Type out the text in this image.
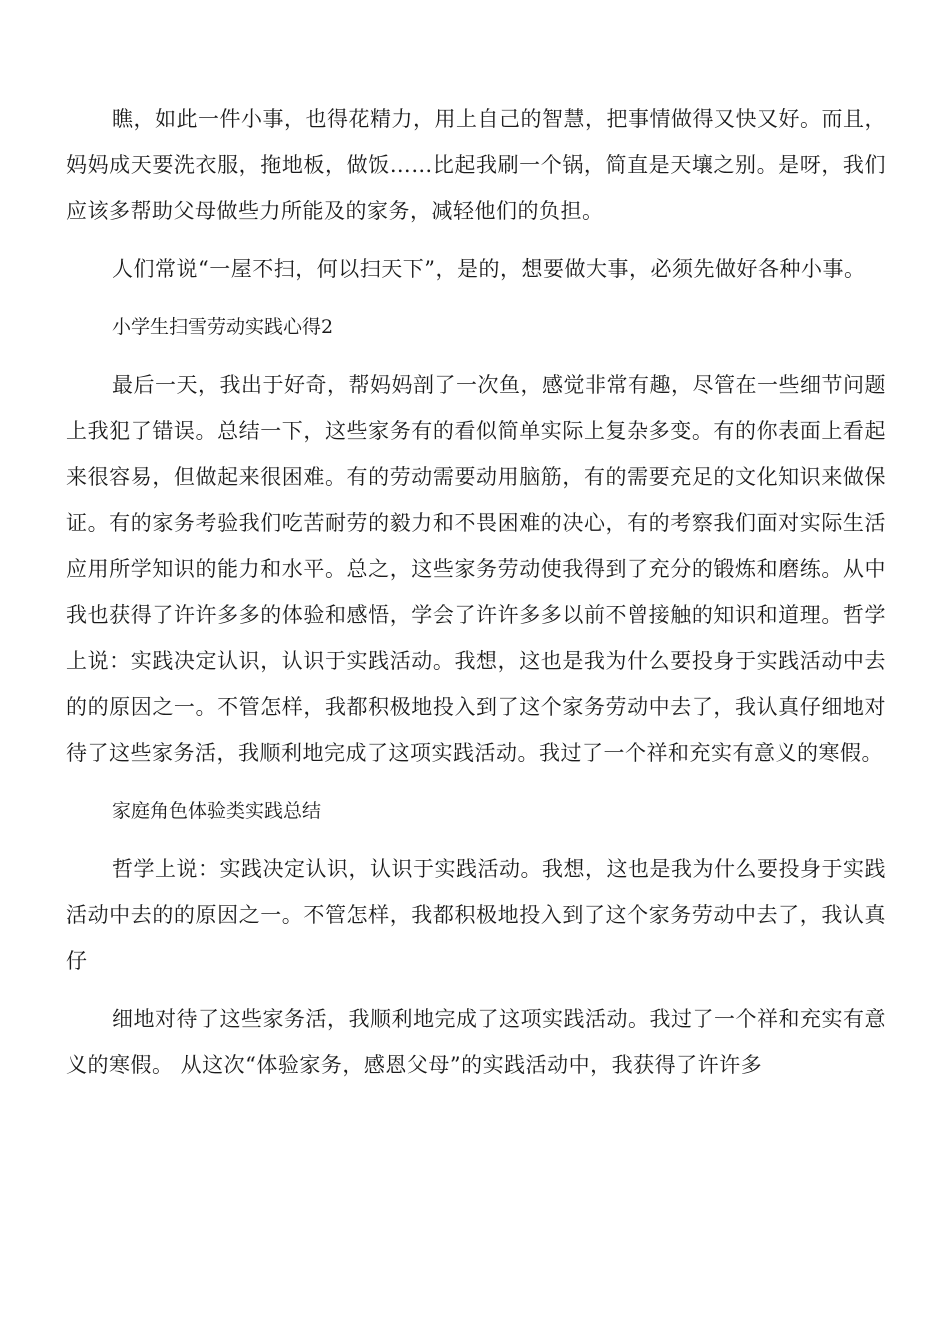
瞧，如此一件小事，也得花精力，用上自己的智慧，把事情做得又快又好。而且，妈妈成天要洗衣服，拖地板，做饭……比起我刷一个锅，简直是天壤之别。是呀，我们应该多帮助父母做些力所能及的家务，减轻他们的负担。

人们常说“一屋不扫，何以扫天下”，是的，想要做大事，必须先做好各种小事。

小学生扫雪劳动实践心得2

最后一天，我出于好奇，帮妈妈剖了一次鱼，感觉非常有趣，尽管在一些细节问题上我犯了错误。总结一下，这些家务有的看似简单实际上复杂多变。有的你表面上看起来很容易，但做起来很困难。有的劳动需要动用脑筋，有的需要充足的文化知识来做保证。有的家务考验我们吃苦耐劳的毅力和不畏困难的决心，有的考察我们面对实际生活应用所学知识的能力和水平。总之，这些家务劳动使我得到了充分的锻炼和磨练。从中我也获得了许许多多的体验和感悟，学会了许许多多以前不曾接触的知识和道理。哲学上说：实践决定认识，认识于实践活动。我想，这也是我为什么要投身于实践活动中去的的原因之一。不管怎样，我都积极地投入到了这个家务劳动中去了，我认真仔细地对待了这些家务活，我顺利地完成了这项实践活动。我过了一个祥和充实有意义的寒假。

家庭角色体验类实践总结

哲学上说：实践决定认识，认识于实践活动。我想，这也是我为什么要投身于实践活动中去的的原因之一。不管怎样，我都积极地投入到了这个家务劳动中去了，我认真仔

细地对待了这些家务活，我顺利地完成了这项实践活动。我过了一个祥和充实有意义的寒假。 从这次“体验家务，感恩父母”的实践活动中，我获得了许许多
